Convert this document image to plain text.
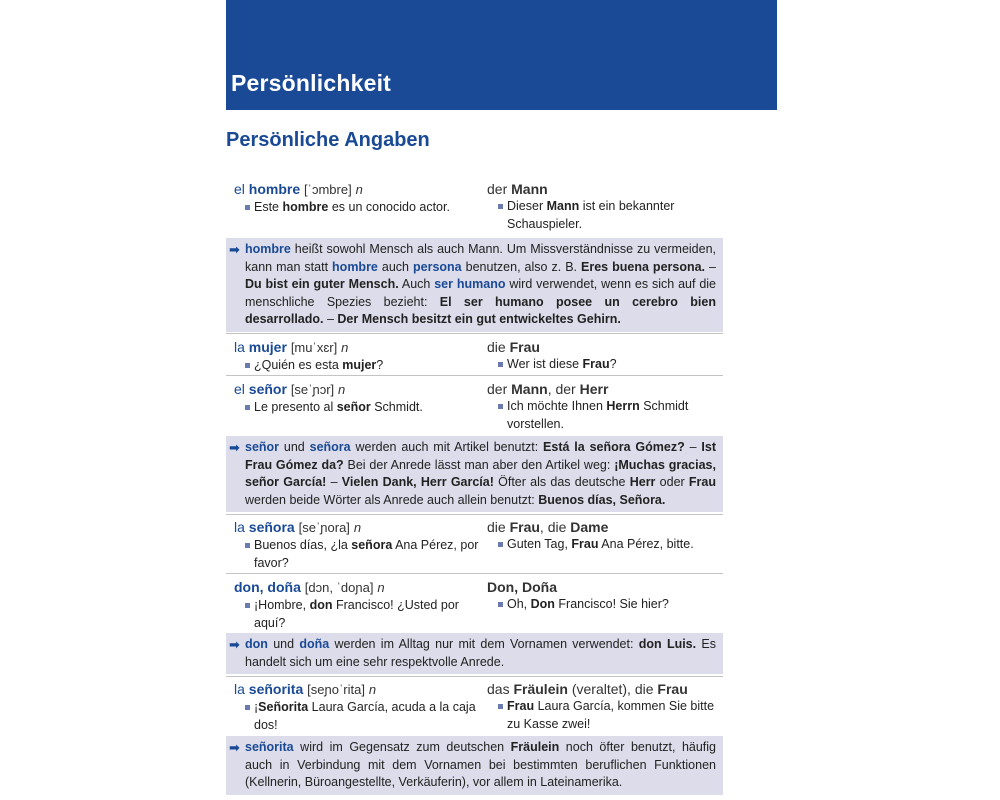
Persönlichkeit
Persönliche Angaben
el hombre [ˈɔmbre] n
Este hombre es un conocido actor.
der Mann
Dieser Mann ist ein bekannter Schauspieler.
➡ hombre heißt sowohl Mensch als auch Mann. Um Missverständnisse zu vermeiden, kann man statt hombre auch persona benutzen, also z. B. Eres buena persona. – Du bist ein guter Mensch. Auch ser humano wird verwendet, wenn es sich auf die menschliche Spezies bezieht: El ser humano posee un cerebro bien desarrollado. – Der Mensch besitzt ein gut entwickeltes Gehirn.
la mujer [muˈxɛr] n
¿Quién es esta mujer?
die Frau
Wer ist diese Frau?
el señor [seˈɲɔr] n
Le presento al señor Schmidt.
der Mann, der Herr
Ich möchte Ihnen Herrn Schmidt vorstellen.
➡ señor und señora werden auch mit Artikel benutzt: Está la señora Gómez? – Ist Frau Gómez da? Bei der Anrede lässt man aber den Artikel weg: ¡Muchas gracias, señor García! – Vielen Dank, Herr García! Öfter als das deutsche Herr oder Frau werden beide Wörter als Anrede auch allein benutzt: Buenos días, Señora.
la señora [seˈɲora] n
Buenos días, ¿la señora Ana Pérez, por favor?
die Frau, die Dame
Guten Tag, Frau Ana Pérez, bitte.
don, doña [dɔn, ˈdoɲa] n
¡Hombre, don Francisco! ¿Usted por aquí?
Don, Doña
Oh, Don Francisco! Sie hier?
➡ don und doña werden im Alltag nur mit dem Vornamen verwendet: don Luis. Es handelt sich um eine sehr respektvolle Anrede.
la señorita [seɲoˈrita] n
¡Señorita Laura García, acuda a la caja dos!
das Fräulein (veraltet), die Frau
Frau Laura García, kommen Sie bitte zu Kasse zwei!
➡ señorita wird im Gegensatz zum deutschen Fräulein noch öfter benutzt, häufig auch in Verbindung mit dem Vornamen bei bestimmten beruflichen Funktionen (Kellnerin, Büroangestellte, Verkäuferin), vor allem in Lateinamerika.
